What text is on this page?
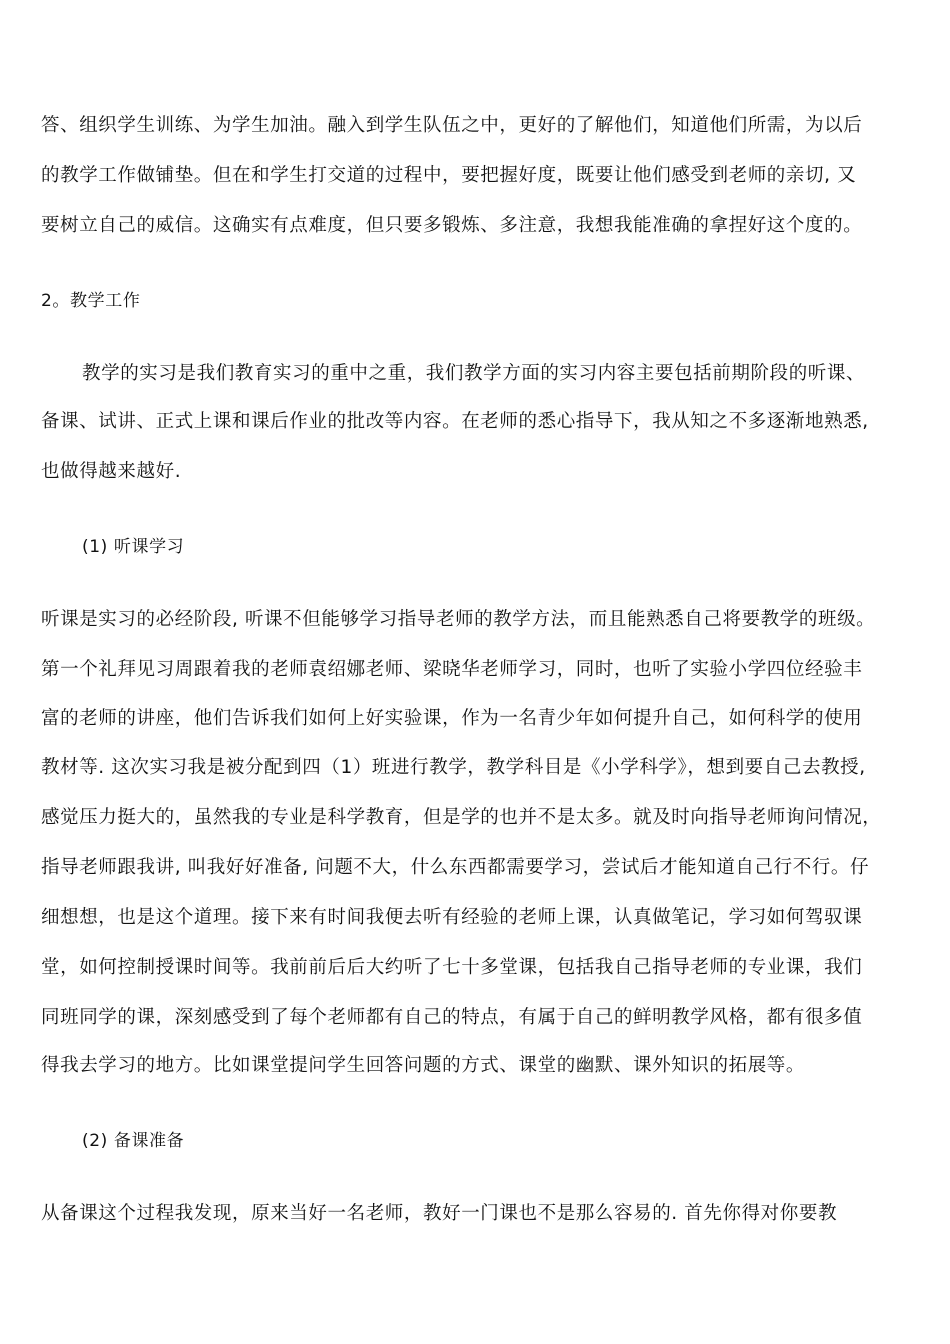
答、组织学生训练、为学生加油。融入到学生队伍之中，更好的了解他们，知道他们所需，为以后
的教学工作做铺垫。但在和学生打交道的过程中，要把握好度，既要让他们感受到老师的亲切, 又
要树立自己的威信。这确实有点难度，但只要多锻炼、多注意，我想我能准确的拿捏好这个度的。
2。教学工作
教学的实习是我们教育实习的重中之重，我们教学方面的实习内容主要包括前期阶段的听课、
备课、试讲、正式上课和课后作业的批改等内容。在老师的悉心指导下，我从知之不多逐渐地熟悉,
也做得越来越好.
(1) 听课学习
听课是实习的必经阶段, 听课不但能够学习指导老师的教学方法，而且能熟悉自己将要教学的班级。
第一个礼拜见习周跟着我的老师袁绍娜老师、梁晓华老师学习，同时，也听了实验小学四位经验丰
富的老师的讲座，他们告诉我们如何上好实验课，作为一名青少年如何提升自己，如何科学的使用
教材等. 这次实习我是被分配到四（1）班进行教学，教学科目是《小学科学》，想到要自己去教授,
感觉压力挺大的，虽然我的专业是科学教育，但是学的也并不是太多。就及时向指导老师询问情况，
指导老师跟我讲, 叫我好好准备, 问题不大，什么东西都需要学习，尝试后才能知道自己行不行。仔
细想想，也是这个道理。接下来有时间我便去听有经验的老师上课，认真做笔记，学习如何驾驭课
堂，如何控制授课时间等。我前前后后大约听了七十多堂课，包括我自己指导老师的专业课，我们
同班同学的课，深刻感受到了每个老师都有自己的特点，有属于自己的鲜明教学风格，都有很多值
得我去学习的地方。比如课堂提问学生回答问题的方式、课堂的幽默、课外知识的拓展等。
(2) 备课准备
从备课这个过程我发现，原来当好一名老师，教好一门课也不是那么容易的. 首先你得对你要教
